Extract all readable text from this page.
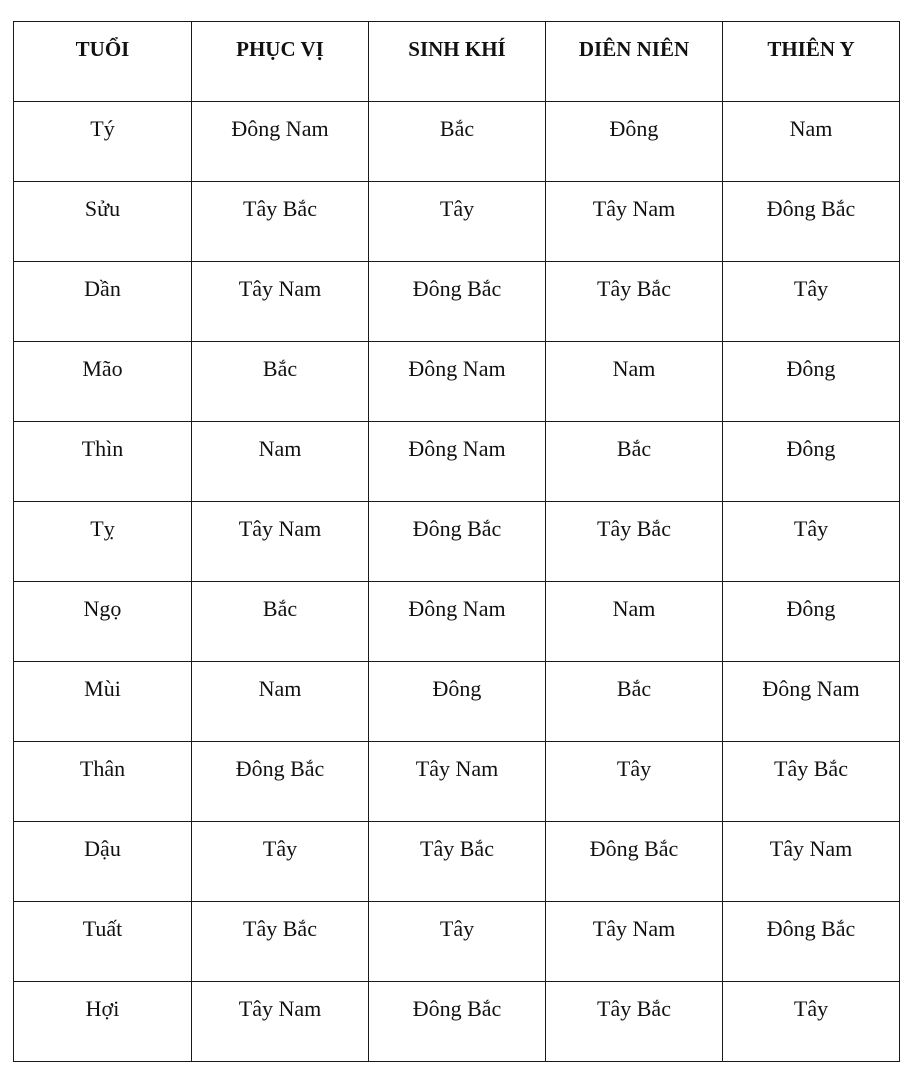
TUỔI	PHỤC VỊ	SINH KHÍ	DIÊN NIÊN	THIÊN Y
Tý	Đông Nam	Bắc	Đông	Nam
Sửu	Tây Bắc	Tây	Tây Nam	Đông Bắc
Dần	Tây Nam	Đông Bắc	Tây Bắc	Tây
Mão	Bắc	Đông Nam	Nam	Đông
Thìn	Nam	Đông Nam	Bắc	Đông
Tỵ	Tây Nam	Đông Bắc	Tây Bắc	Tây
Ngọ	Bắc	Đông Nam	Nam	Đông
Mùi	Nam	Đông	Bắc	Đông Nam
Thân	Đông Bắc	Tây Nam	Tây	Tây Bắc
Dậu	Tây	Tây Bắc	Đông Bắc	Tây Nam
Tuất	Tây Bắc	Tây	Tây Nam	Đông Bắc
Hợi	Tây Nam	Đông Bắc	Tây Bắc	Tây
